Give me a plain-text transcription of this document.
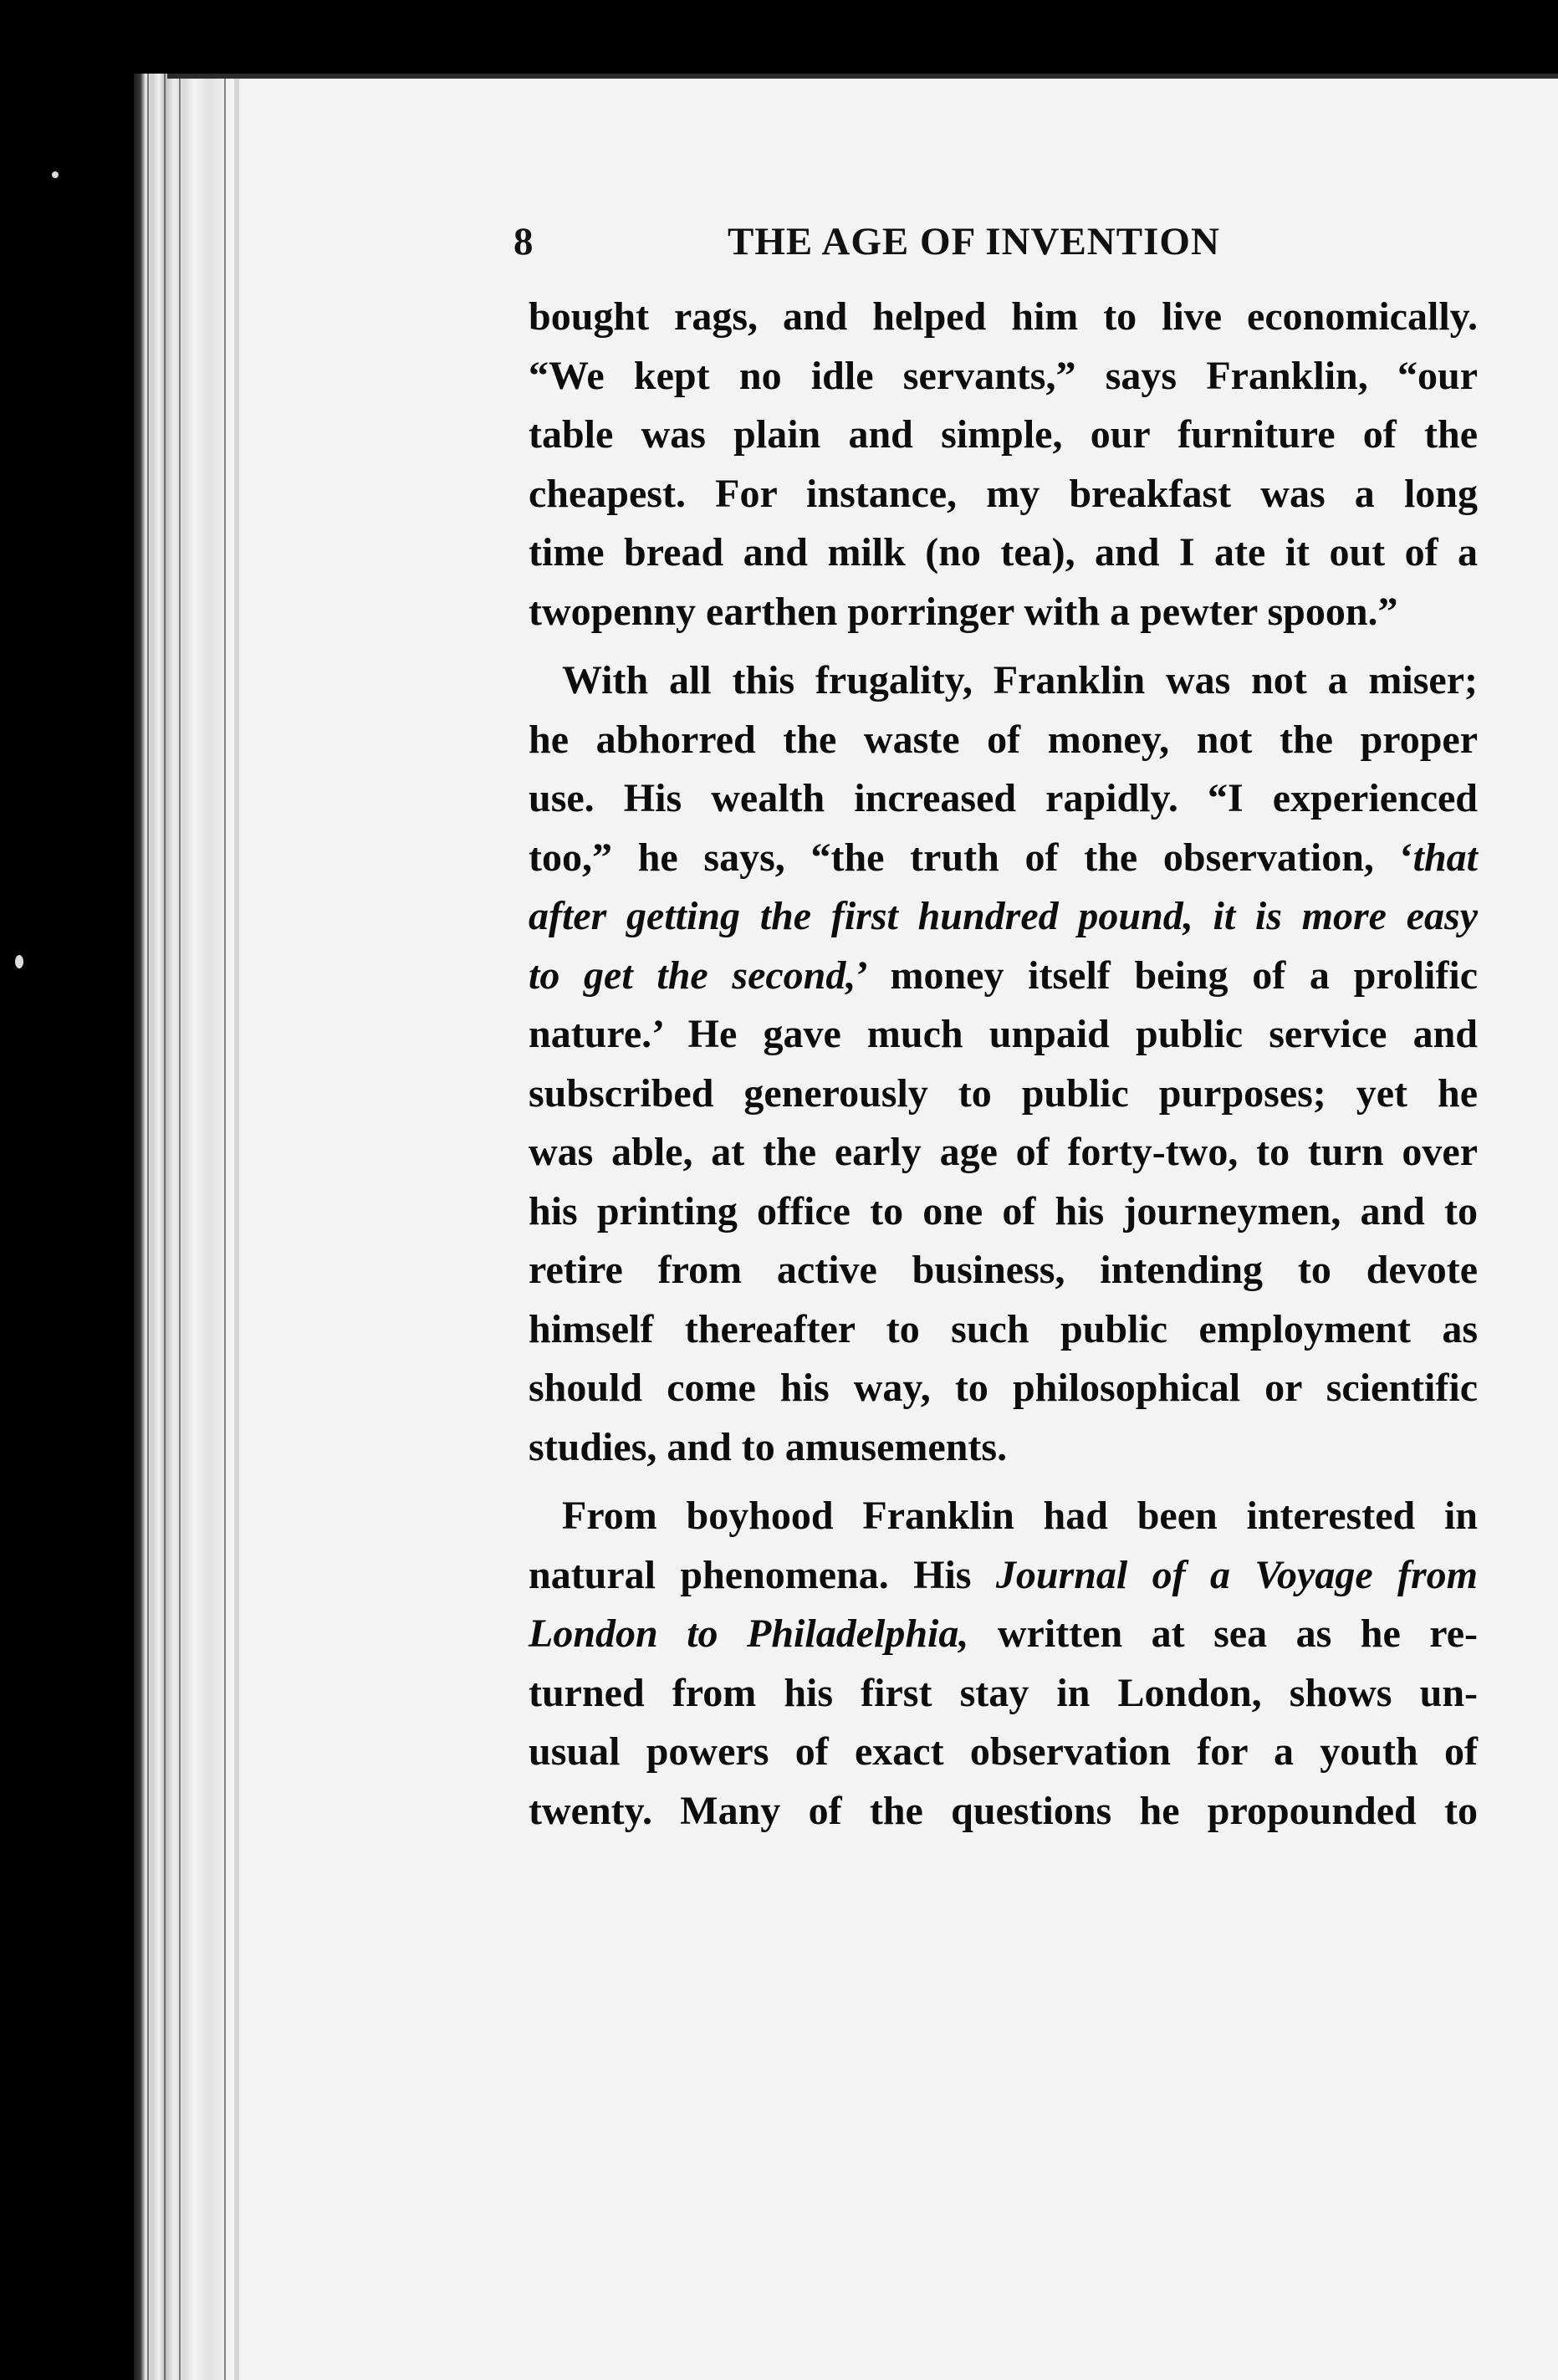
8	THE AGE OF INVENTION
bought rags, and helped him to live economically.
“We kept no idle servants,” says Franklin, “our
table was plain and simple, our furniture of the
cheapest. For instance, my breakfast was a long
time bread and milk (no tea), and I ate it out of a
twopenny earthen porringer with a pewter spoon.”
With all this frugality, Franklin was not a miser;
he abhorred the waste of money, not the proper
use. His wealth increased rapidly. “I experienced
too,” he says, “the truth of the observation, ‘that
after getting the first hundred pound, it is more easy
to get the second,’ money itself being of a prolific
nature.’ He gave much unpaid public service and
subscribed generously to public purposes; yet he
was able, at the early age of forty-two, to turn over
his printing office to one of his journeymen, and to
retire from active business, intending to devote
himself thereafter to such public employment as
should come his way, to philosophical or scientific
studies, and to amusements.
From boyhood Franklin had been interested in
natural phenomena. His Journal of a Voyage from
London to Philadelphia, written at sea as he re-
turned from his first stay in London, shows un-
usual powers of exact observation for a youth of
twenty. Many of the questions he propounded to
